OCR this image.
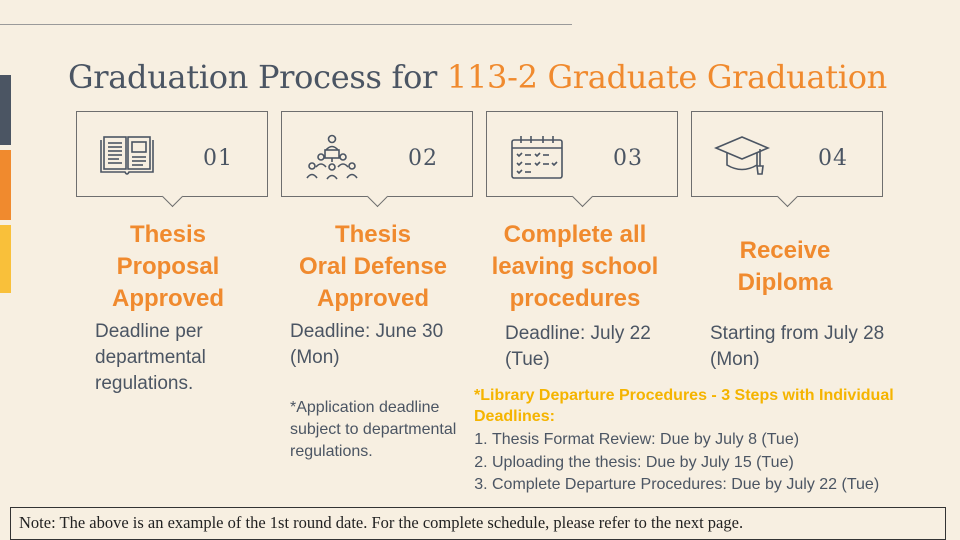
Graduation Process for 113-2 Graduate Graduation
01	02	03	04
Thesis
Proposal
Approved
Thesis
Oral Defense
Approved
Complete all
leaving school
procedures
Receive
Diploma
Deadline per departmental regulations.
Deadline: June 30 (Mon)
*Application deadline subject to departmental regulations.
Deadline: July 22 (Tue)
Starting from July 28 (Mon)
*Library Departure Procedures - 3 Steps with Individual Deadlines:
1. Thesis Format Review: Due by July 8 (Tue)
2. Uploading the thesis: Due by July 15 (Tue)
3. Complete Departure Procedures: Due by July 22 (Tue)
Note: The above is an example of the 1st round date. For the complete schedule, please refer to the next page.
